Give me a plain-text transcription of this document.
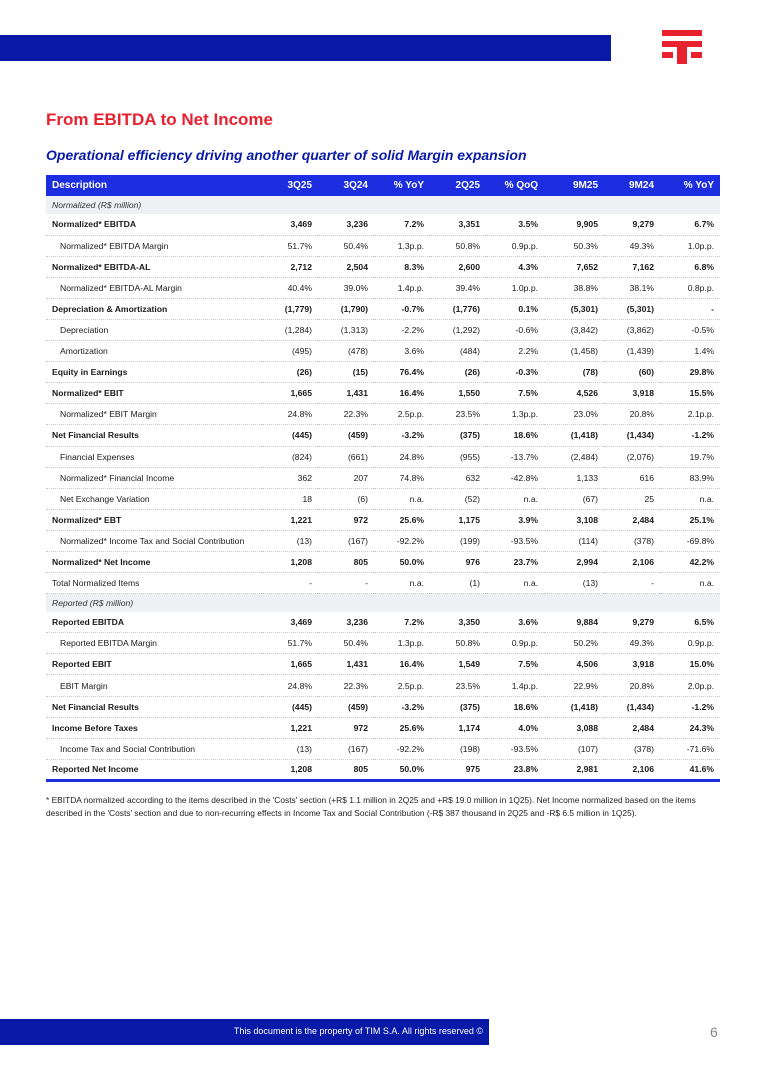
From EBITDA to Net Income
Operational efficiency driving another quarter of solid Margin expansion
Description	3Q25	3Q24	% YoY	2Q25	% QoQ	9M25	9M24	% YoY
Normalized (R$ million)								
Normalized* EBITDA	3,469	3,236	7.2%	3,351	3.5%	9,905	9,279	6.7%
Normalized* EBITDA Margin	51.7%	50.4%	1.3p.p.	50.8%	0.9p.p.	50.3%	49.3%	1.0p.p.
Normalized* EBITDA-AL	2,712	2,504	8.3%	2,600	4.3%	7,652	7,162	6.8%
Normalized* EBITDA-AL Margin	40.4%	39.0%	1.4p.p.	39.4%	1.0p.p.	38.8%	38.1%	0.8p.p.
Depreciation & Amortization	(1,779)	(1,790)	-0.7%	(1,776)	0.1%	(5,301)	(5,301)	-
Depreciation	(1,284)	(1,313)	-2.2%	(1,292)	-0.6%	(3,842)	(3,862)	-0.5%
Amortization	(495)	(478)	3.6%	(484)	2.2%	(1,458)	(1,439)	1.4%
Equity in Earnings	(26)	(15)	76.4%	(26)	-0.3%	(78)	(60)	29.8%
Normalized* EBIT	1,665	1,431	16.4%	1,550	7.5%	4,526	3,918	15.5%
Normalized* EBIT Margin	24.8%	22.3%	2.5p.p.	23.5%	1.3p.p.	23.0%	20.8%	2.1p.p.
Net Financial Results	(445)	(459)	-3.2%	(375)	18.6%	(1,418)	(1,434)	-1.2%
Financial Expenses	(824)	(661)	24.8%	(955)	-13.7%	(2,484)	(2,076)	19.7%
Normalized* Financial Income	362	207	74.8%	632	-42.8%	1,133	616	83.9%
Net Exchange Variation	18	(6)	n.a.	(52)	n.a.	(67)	25	n.a.
Normalized* EBT	1,221	972	25.6%	1,175	3.9%	3,108	2,484	25.1%
Normalized* Income Tax and Social Contribution	(13)	(167)	-92.2%	(199)	-93.5%	(114)	(378)	-69.8%
Normalized* Net Income	1,208	805	50.0%	976	23.7%	2,994	2,106	42.2%
Total Normalized Items	-	-	n.a.	(1)	n.a.	(13)	-	n.a.
Reported (R$ million)								
Reported EBITDA	3,469	3,236	7.2%	3,350	3.6%	9,884	9,279	6.5%
Reported EBITDA Margin	51.7%	50.4%	1.3p.p.	50.8%	0.9p.p.	50.2%	49.3%	0.9p.p.
Reported EBIT	1,665	1,431	16.4%	1,549	7.5%	4,506	3,918	15.0%
EBIT Margin	24.8%	22.3%	2.5p.p.	23.5%	1.4p.p.	22.9%	20.8%	2.0p.p.
Net Financial Results	(445)	(459)	-3.2%	(375)	18.6%	(1,418)	(1,434)	-1.2%
Income Before Taxes	1,221	972	25.6%	1,174	4.0%	3,088	2,484	24.3%
Income Tax and Social Contribution	(13)	(167)	-92.2%	(198)	-93.5%	(107)	(378)	-71.6%
Reported Net Income	1,208	805	50.0%	975	23.8%	2,981	2,106	41.6%
* EBITDA normalized according to the items described in the 'Costs' section (+R$ 1.1 million in 2Q25 and +R$ 19.0 million in 1Q25). Net Income normalized based on the items described in the 'Costs' section and due to non-recurring effects in Income Tax and Social Contribution (-R$ 387 thousand in 2Q25 and -R$ 6.5 million in 1Q25).
This document is the property of TIM S.A. All rights reserved ©	6
